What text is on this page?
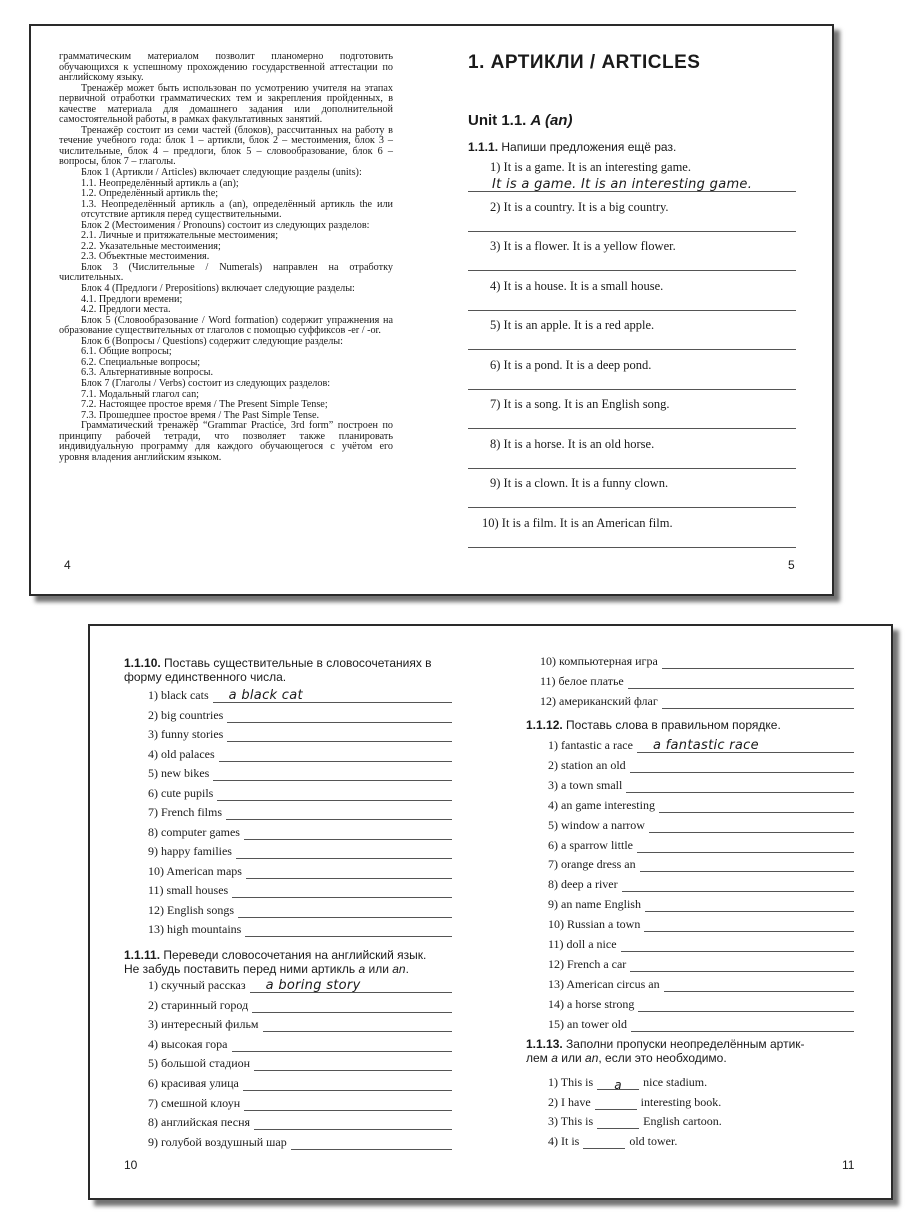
грамматическим материалом позволит планомерно подготовить обучающихся к успешному прохождению государственной аттестации по английскому языку.

Тренажёр может быть использован по усмотрению учителя на этапах первичной отработки грамматических тем и закрепления пройденных, в качестве материала для домашнего задания или дополнительной самостоятельной работы, в рамках факультативных занятий.

Тренажёр состоит из семи частей (блоков), рассчитанных на работу в течение учебного года: блок 1 – артикли, блок 2 – местоимения, блок 3 – числительные, блок 4 – предлоги, блок 5 – словообразование, блок 6 – вопросы, блок 7 – глаголы.

Блок 1 (Артикли / Articles) включает следующие разделы (units):

1.1. Неопределённый артикль a (an);

1.2. Определённый артикль the;

1.3. Неопределённый артикль a (an), определённый артикль the или отсутствие артикля перед существительными.

Блок 2 (Местоимения / Pronouns) состоит из следующих разделов:

2.1. Личные и притяжательные местоимения;

2.2. Указательные местоимения;

2.3. Объектные местоимения.

Блок 3 (Числительные / Numerals) направлен на отработку числительных.

Блок 4 (Предлоги / Prepositions) включает следующие разделы:

4.1. Предлоги времени;

4.2. Предлоги места.

Блок 5 (Словообразование / Word formation) содержит упражнения на образование существительных от глаголов с помощью суффиксов -er / -or.

Блок 6 (Вопросы / Questions) содержит следующие разделы:

6.1. Общие вопросы;

6.2. Специальные вопросы;

6.3. Альтернативные вопросы.

Блок 7 (Глаголы / Verbs) состоит из следующих разделов:

7.1. Модальный глагол can;

7.2. Настоящее простое время / The Present Simple Tense;

7.3. Прошедшее простое время / The Past Simple Tense.

Грамматический тренажёр “Grammar Practice, 3rd form” построен по принципу рабочей тетради, что позволяет также планировать индивидуальную программу для каждого обучающегося с учётом его уровня владения английским языком.

4
1. АРТИКЛИ / ARTICLES
Unit 1.1. A (an)
1.1.1. Напиши предложения ещё раз.
1) It is a game. It is an interesting game.
It is a game. It is an interesting game.
2) It is a country. It is a big country.
3) It is a flower. It is a yellow flower.
4) It is a house. It is a small house.
5) It is an apple. It is a red apple.
6) It is a pond. It is a deep pond.
7) It is a song. It is an English song.
8) It is a horse. It is an old horse.
9) It is a clown. It is a funny clown.
10) It is a film. It is an American film.
5
1.1.10. Поставь существительные в словосочетаниях в форму единственного числа.
1) black cats a black cat
2) big countries
3) funny stories
4) old palaces
5) new bikes
6) cute pupils
7) French films
8) computer games
9) happy families
10) American maps
11) small houses
12) English songs
13) high mountains
1.1.11. Переведи словосочетания на английский язык.
Не забудь поставить перед ними артикль a или an.
1) скучный рассказ a boring story
2) старинный город
3) интересный фильм
4) высокая гора
5) большой стадион
6) красивая улица
7) смешной клоун
8) английская песня
9) голубой воздушный шар
10
10) компьютерная игра
11) белое платье
12) американский флаг
1.1.12. Поставь слова в правильном порядке.
1) fantastic a race a fantastic race
2) station an old
3) a town small
4) an game interesting
5) window a narrow
6) a sparrow little
7) orange dress an
8) deep a river
9) an name English
10) Russian a town
11) doll a nice
12) French a car
13) American circus an
14) a horse strong
15) an tower old
1.1.13. Заполни пропуски неопределённым артик-
лем a или an, если это необходимо.
1) This is	a	nice stadium.
2) I have	interesting book.
3) This is	English cartoon.
4) It is	old tower.
11
